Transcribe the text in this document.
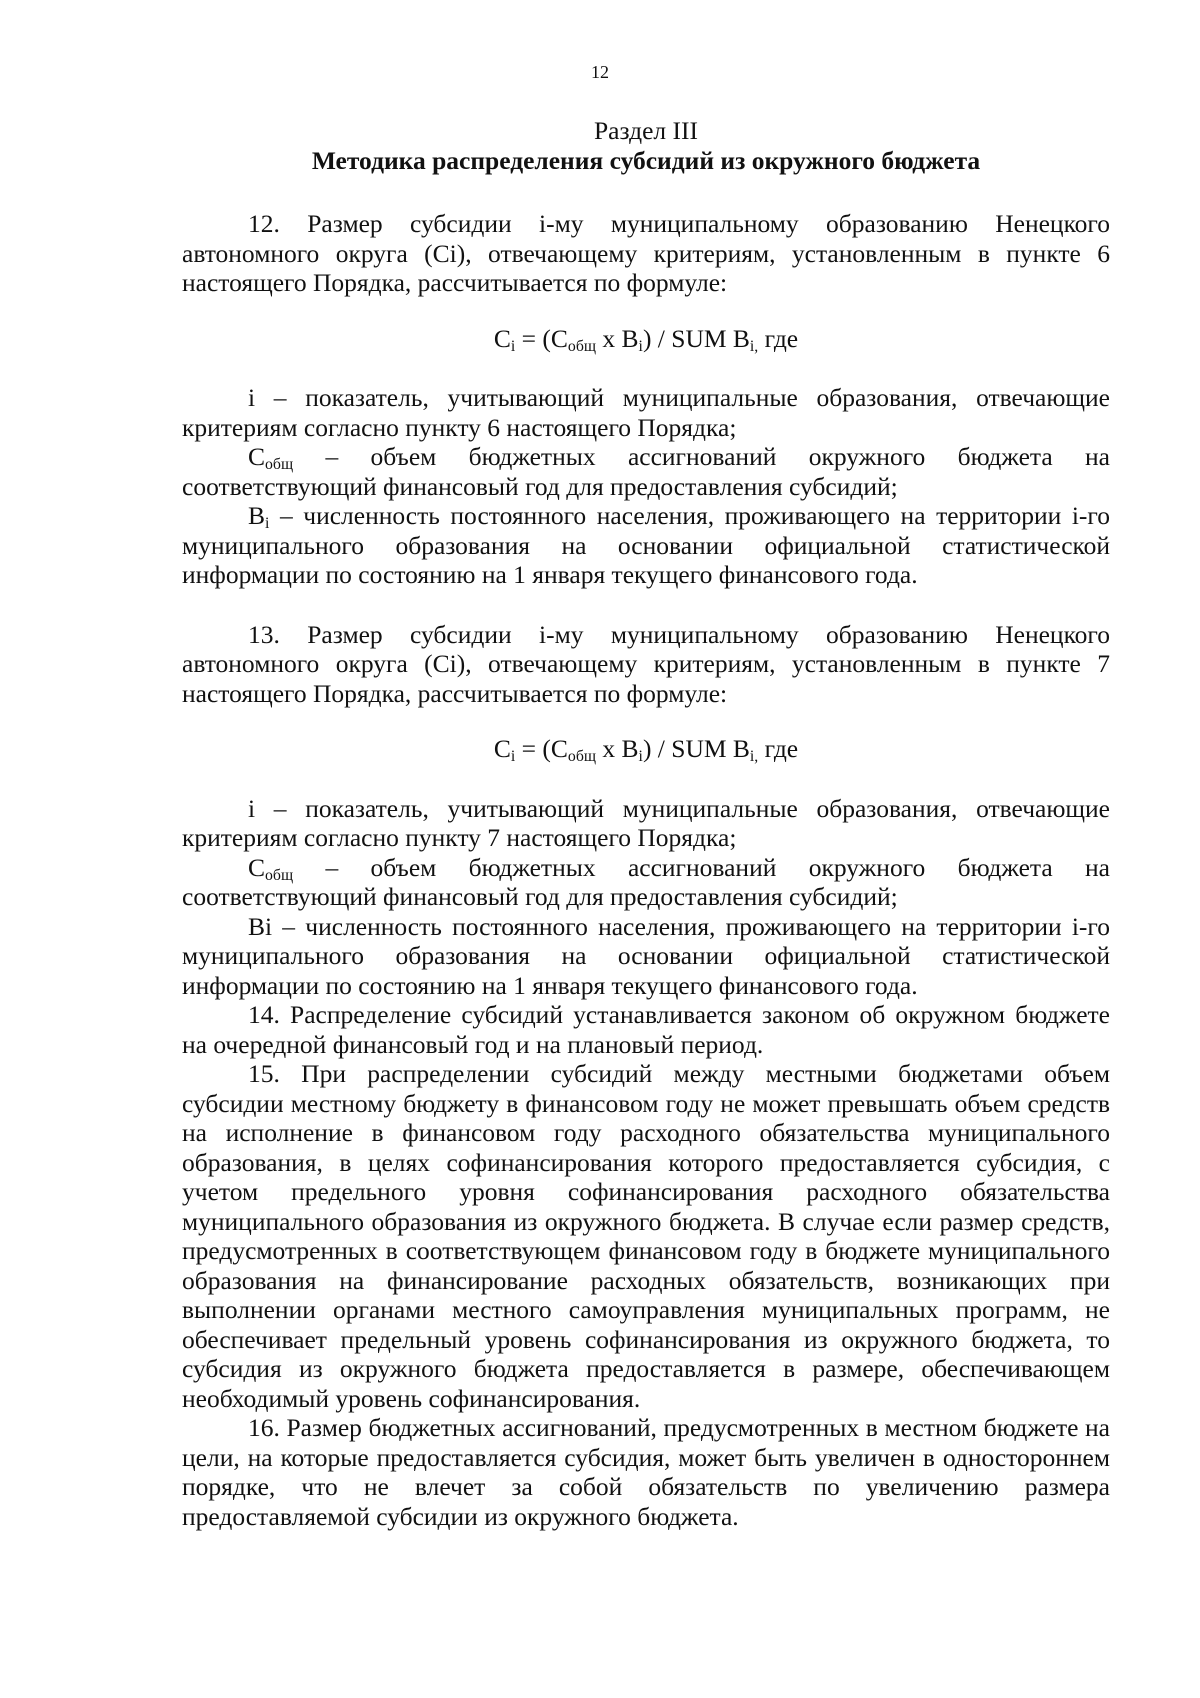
12

Раздел III

Методика распределения субсидий из окружного бюджета

12. Размер субсидии i-му муниципальному образованию Ненецкого автономного округа (Ci), отвечающему критериям, установленным в пункте 6 настоящего Порядка, рассчитывается по формуле:

$C_i = (C_{общ}$ x $B_i$) / SUM $B_{i,}$ где

i – показатель, учитывающий муниципальные образования, отвечающие критериям согласно пункту 6 настоящего Порядка;

$C_{общ}$ – объем бюджетных ассигнований окружного бюджета на соответствующий финансовый год для предоставления субсидий;

$B_i$ – численность постоянного населения, проживающего на территории i-го муниципального образования на основании официальной статистической информации по состоянию на 1 января текущего финансового года.

13. Размер субсидии i-му муниципальному образованию Ненецкого автономного округа (Ci), отвечающему критериям, установленным в пункте 7 настоящего Порядка, рассчитывается по формуле:

$C_i = (C_{общ}$ x $B_i$) / SUM $B_{i,}$ где

i – показатель, учитывающий муниципальные образования, отвечающие критериям согласно пункту 7 настоящего Порядка;

$C_{общ}$ – объем бюджетных ассигнований окружного бюджета на соответствующий финансовый год для предоставления субсидий;

Bi – численность постоянного населения, проживающего на территории i-го муниципального образования на основании официальной статистической информации по состоянию на 1 января текущего финансового года.

14. Распределение субсидий устанавливается законом об окружном бюджете на очередной финансовый год и на плановый период.

15. При распределении субсидий между местными бюджетами объем субсидии местному бюджету в финансовом году не может превышать объем средств на исполнение в финансовом году расходного обязательства муниципального образования, в целях софинансирования которого предоставляется субсидия, с учетом предельного уровня софинансирования расходного обязательства муниципального образования из окружного бюджета. В случае если размер средств, предусмотренных в соответствующем финансовом году в бюджете муниципального образования на финансирование расходных обязательств, возникающих при выполнении органами местного самоуправления муниципальных программ, не обеспечивает предельный уровень софинансирования из окружного бюджета, то субсидия из окружного бюджета предоставляется в размере, обеспечивающем необходимый уровень софинансирования.

16. Размер бюджетных ассигнований, предусмотренных в местном бюджете на цели, на которые предоставляется субсидия, может быть увеличен в одностороннем порядке, что не влечет за собой обязательств по увеличению размера предоставляемой субсидии из окружного бюджета.
